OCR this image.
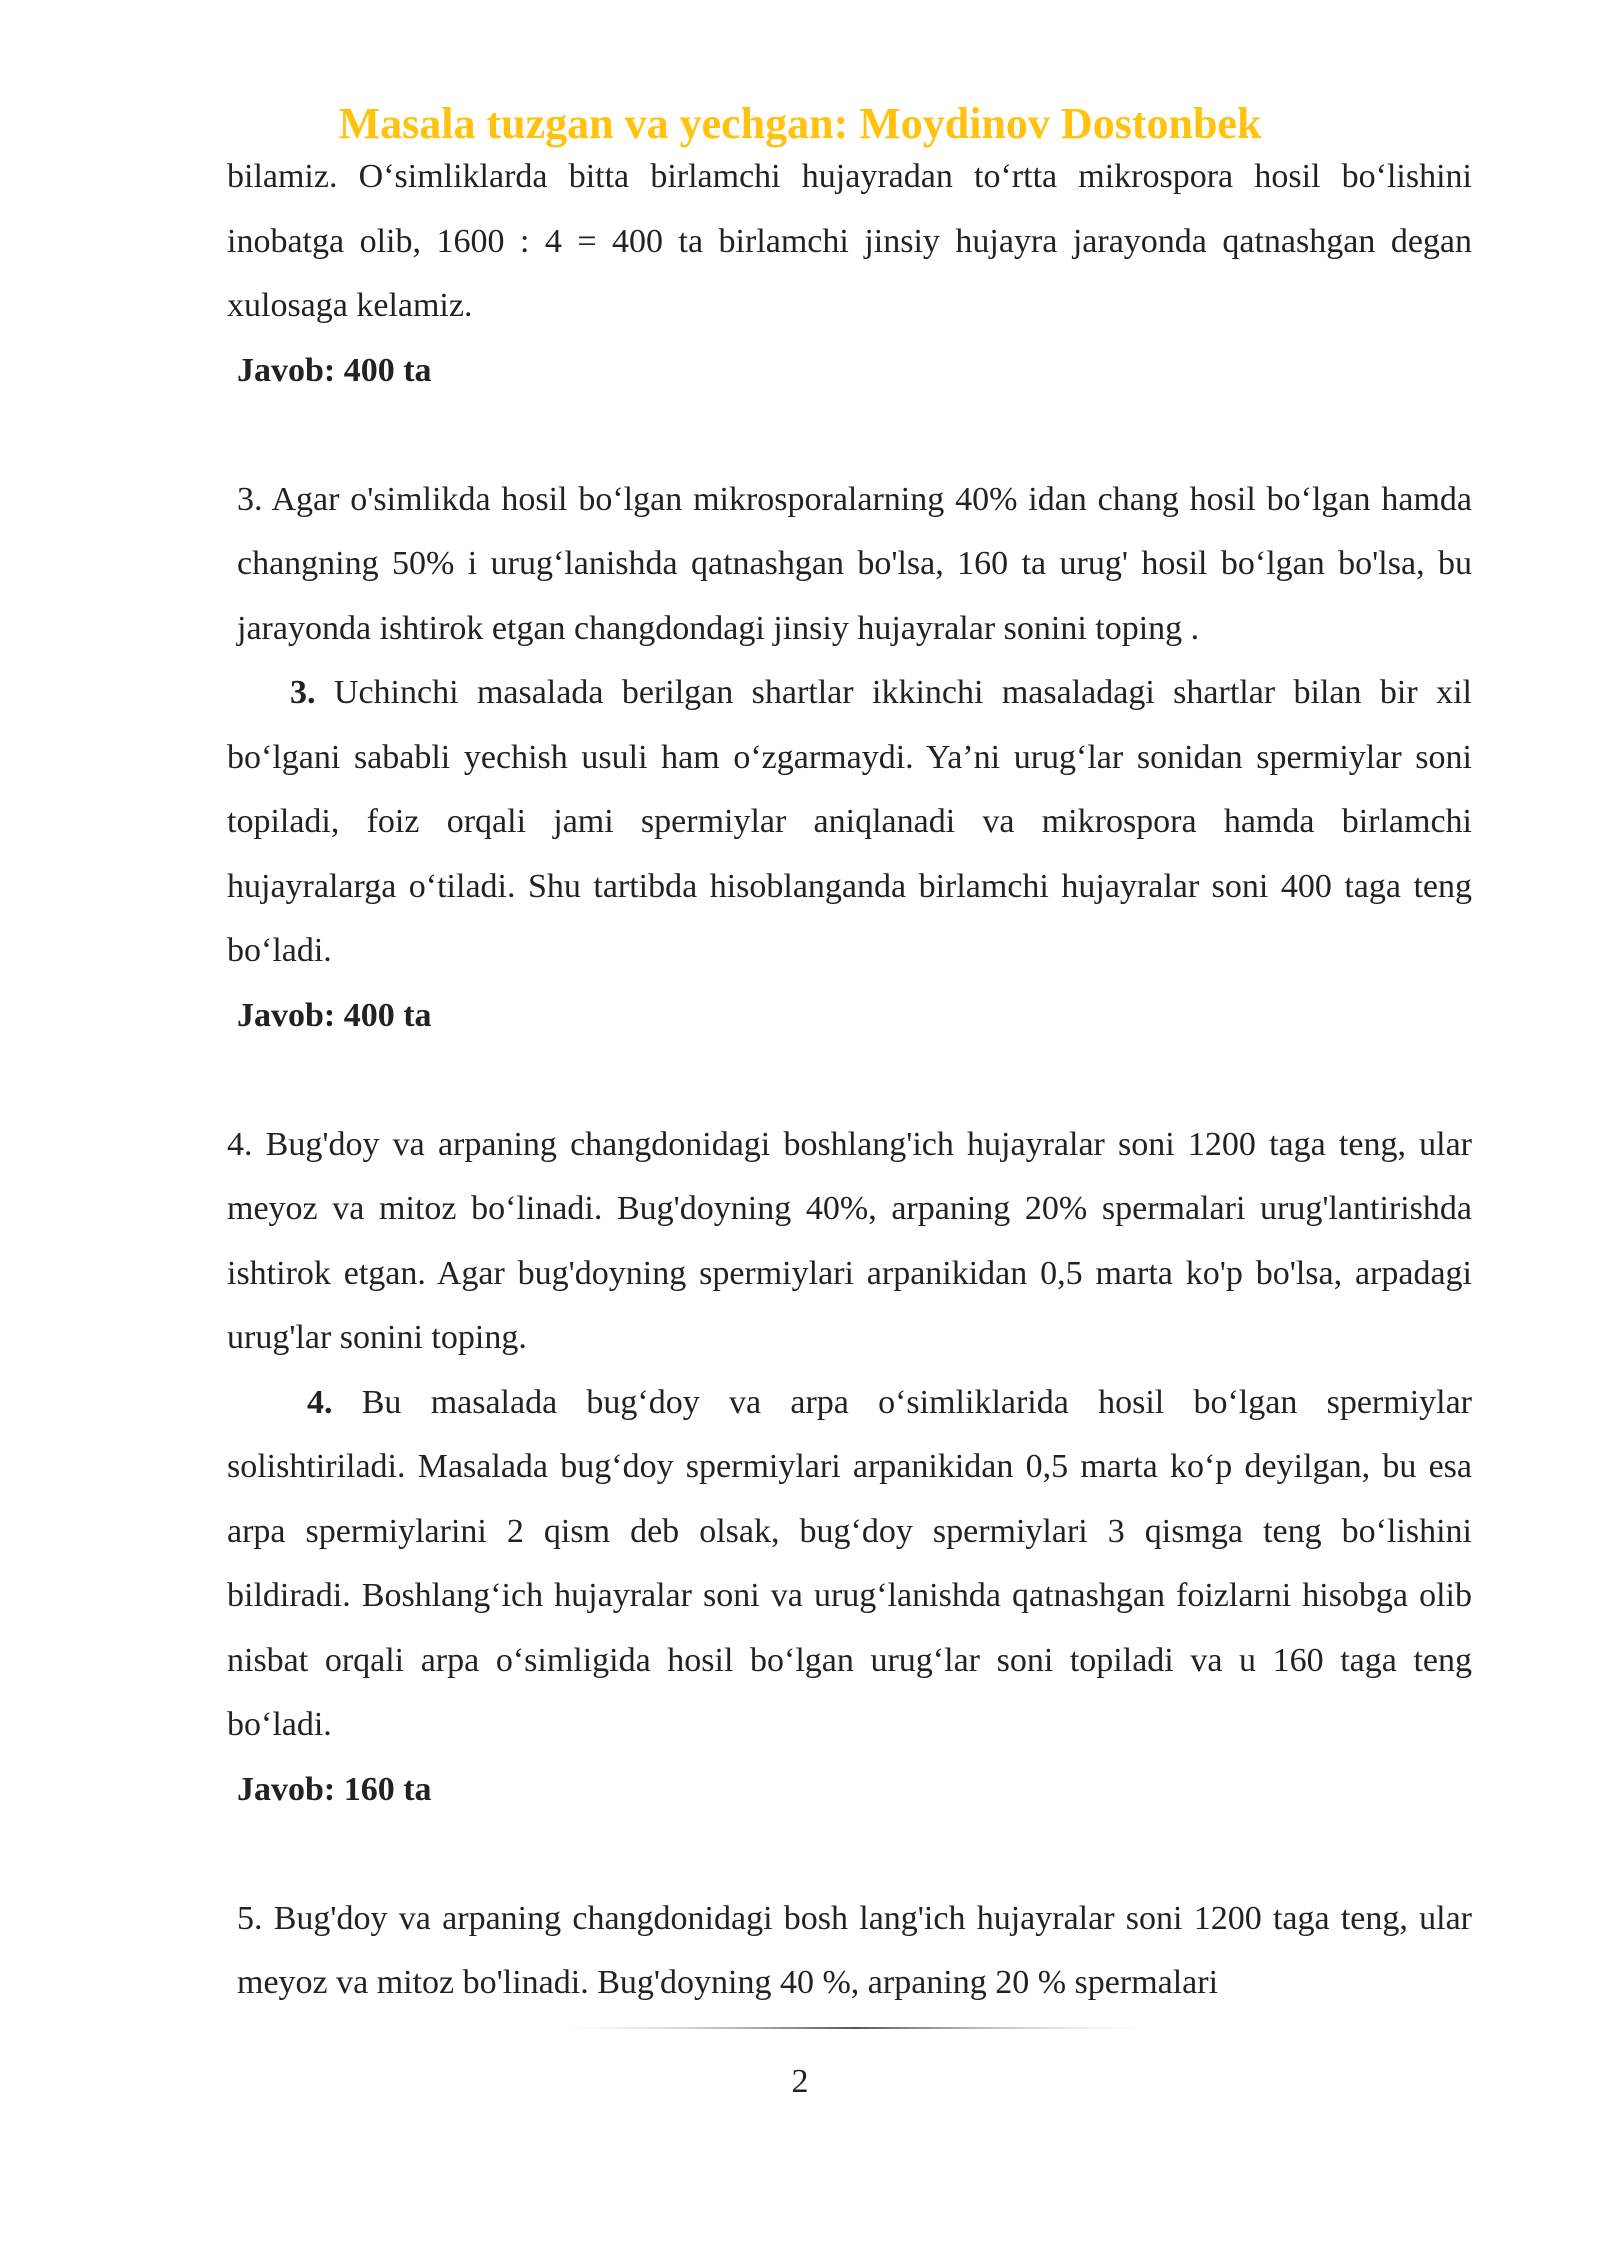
Masala tuzgan va yechgan: Moydinov Dostonbek

bilamiz. O‘simliklarda bitta birlamchi hujayradan to‘rtta mikrospora hosil bo‘lishini inobatga olib, 1600 : 4 = 400 ta birlamchi jinsiy hujayra jarayonda qatnashgan degan xulosaga kelamiz.

Javob: 400 ta

3. Agar o'simlikda hosil bo‘lgan mikrosporalarning 40% idan chang hosil bo‘lgan hamda changning 50% i urug‘lanishda qatnashgan bo'lsa, 160 ta urug' hosil bo‘lgan bo'lsa, bu jarayonda ishtirok etgan changdondagi jinsiy hujayralar sonini toping .

3. Uchinchi masalada berilgan shartlar ikkinchi masaladagi shartlar bilan bir xil bo‘lgani sababli yechish usuli ham o‘zgarmaydi. Ya’ni urug‘lar sonidan spermiylar soni topiladi, foiz orqali jami spermiylar aniqlanadi va mikrospora hamda birlamchi hujayralarga o‘tiladi. Shu tartibda hisoblanganda birlamchi hujayralar soni 400 taga teng bo‘ladi.

Javob: 400 ta

4. Bug'doy va arpaning changdonidagi boshlang'ich hujayralar soni 1200 taga teng, ular meyoz va mitoz bo‘linadi. Bug'doyning 40%, arpaning 20% spermalari urug'lantirishda ishtirok etgan. Agar bug'doyning spermiylari arpanikidan 0,5 marta ko'p bo'lsa, arpadagi urug'lar sonini toping.

4. Bu masalada bug‘doy va arpa o‘simliklarida hosil bo‘lgan spermiylar solishtiriladi. Masalada bug‘doy spermiylari arpanikidan 0,5 marta ko‘p deyilgan, bu esa arpa spermiylarini 2 qism deb olsak, bug‘doy spermiylari 3 qismga teng bo‘lishini bildiradi. Boshlang‘ich hujayralar soni va urug‘lanishda qatnashgan foizlarni hisobga olib nisbat orqali arpa o‘simligida hosil bo‘lgan urug‘lar soni topiladi va u 160 taga teng bo‘ladi.

Javob: 160 ta

5. Bug'doy va arpaning changdonidagi bosh lang'ich hujayralar soni 1200 taga teng, ular meyoz va mitoz bo'linadi. Bug'doyning 40 %, arpaning 20 % spermalari

2
